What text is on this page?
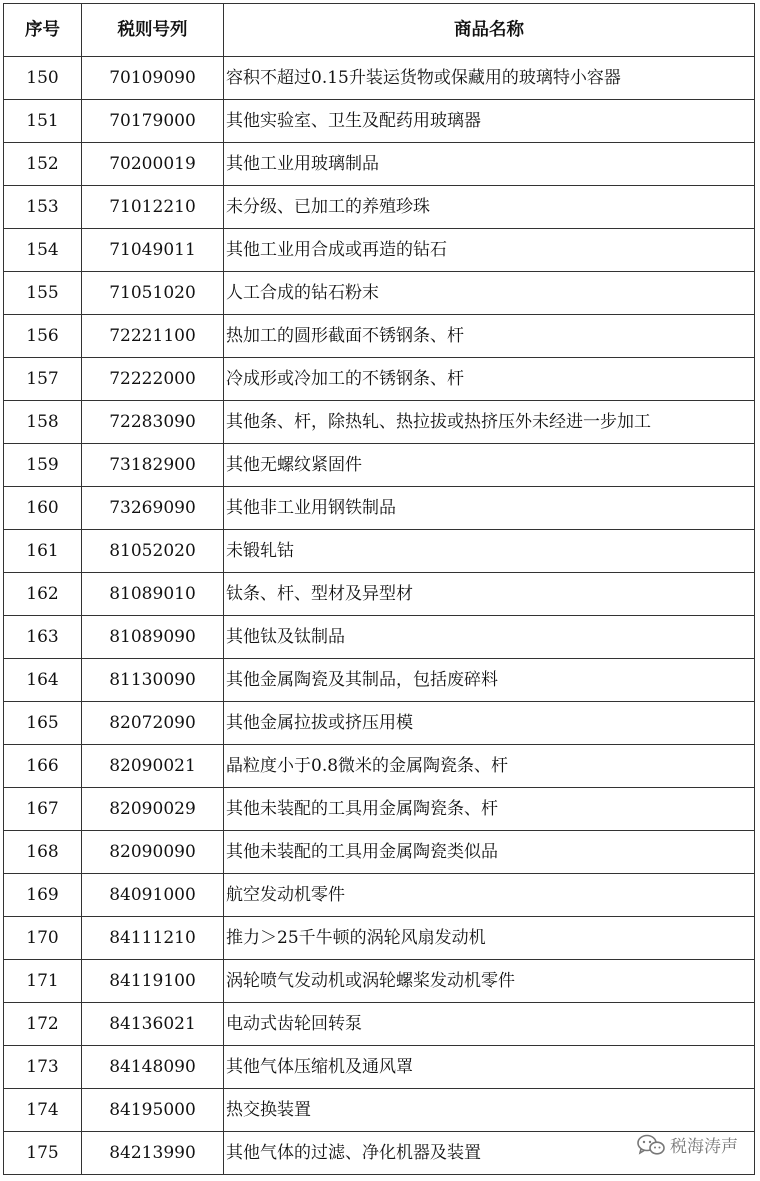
序号	税则号列	商品名称
150	70109090	容积不超过0.15升装运货物或保藏用的玻璃特小容器
151	70179000	其他实验室、卫生及配药用玻璃器
152	70200019	其他工业用玻璃制品
153	71012210	未分级、已加工的养殖珍珠
154	71049011	其他工业用合成或再造的钻石
155	71051020	人工合成的钻石粉末
156	72221100	热加工的圆形截面不锈钢条、杆
157	72222000	冷成形或冷加工的不锈钢条、杆
158	72283090	其他条、杆，除热轧、热拉拔或热挤压外未经进一步加工
159	73182900	其他无螺纹紧固件
160	73269090	其他非工业用钢铁制品
161	81052020	未锻轧钴
162	81089010	钛条、杆、型材及异型材
163	81089090	其他钛及钛制品
164	81130090	其他金属陶瓷及其制品，包括废碎料
165	82072090	其他金属拉拔或挤压用模
166	82090021	晶粒度小于0.8微米的金属陶瓷条、杆
167	82090029	其他未装配的工具用金属陶瓷条、杆
168	82090090	其他未装配的工具用金属陶瓷类似品
169	84091000	航空发动机零件
170	84111210	推力＞25千牛顿的涡轮风扇发动机
171	84119100	涡轮喷气发动机或涡轮螺桨发动机零件
172	84136021	电动式齿轮回转泵
173	84148090	其他气体压缩机及通风罩
174	84195000	热交换装置
175	84213990	其他气体的过滤、净化机器及装置	税海涛声
